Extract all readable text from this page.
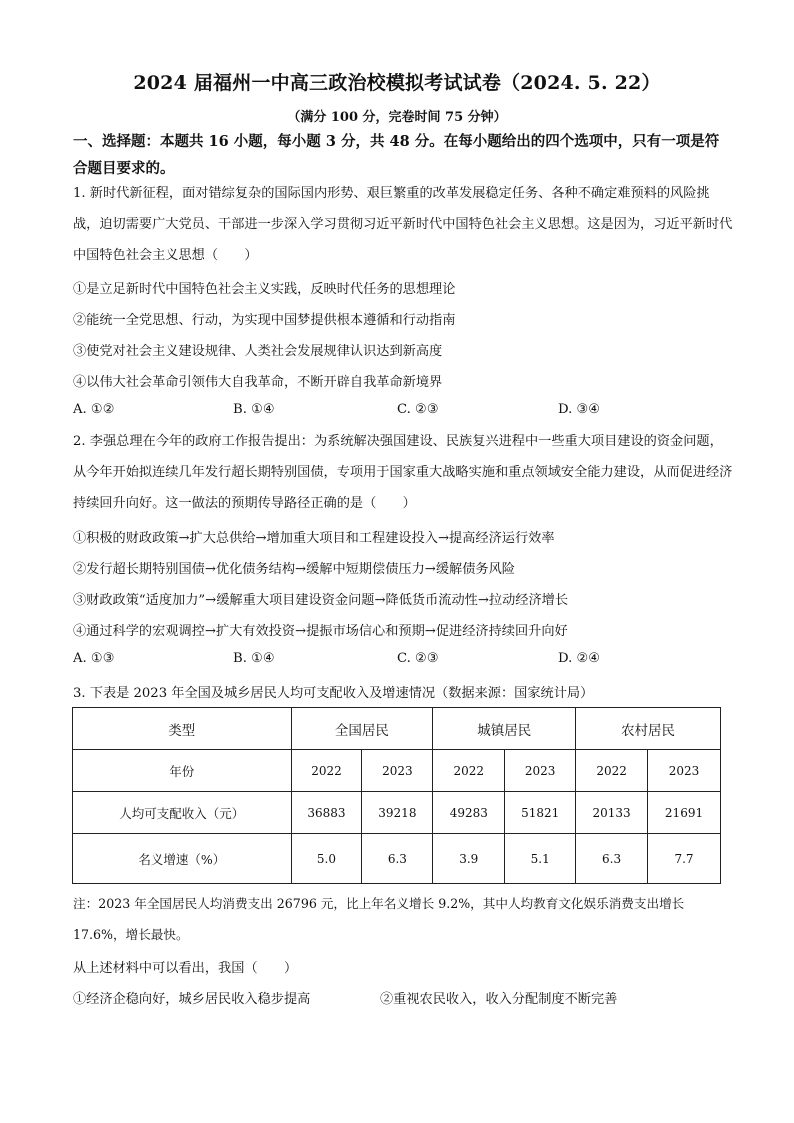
2024 届福州一中高三政治校模拟考试试卷（2024. 5. 22）
（满分 100 分，完卷时间 75 分钟）
一、选择题：本题共 16 小题，每小题 3 分，共 48 分。在每小题给出的四个选项中，只有一项是符合题目要求的。
1. 新时代新征程，面对错综复杂的国际国内形势、艰巨繁重的改革发展稳定任务、各种不确定难预料的风险挑战，迫切需要广大党员、干部进一步深入学习贯彻习近平新时代中国特色社会主义思想。这是因为，习近平新时代中国特色社会主义思想（　　）
①是立足新时代中国特色社会主义实践，反映时代任务的思想理论
②能统一全党思想、行动，为实现中国梦提供根本遵循和行动指南
③使党对社会主义建设规律、人类社会发展规律认识达到新高度
④以伟大社会革命引领伟大自我革命，不断开辟自我革命新境界
A. ①②	B. ①④	C. ②③	D. ③④
2. 李强总理在今年的政府工作报告提出：为系统解决强国建设、民族复兴进程中一些重大项目建设的资金问题，从今年开始拟连续几年发行超长期特别国债，专项用于国家重大战略实施和重点领域安全能力建设，从而促进经济持续回升向好。这一做法的预期传导路径正确的是（　　）
①积极的财政政策→扩大总供给→增加重大项目和工程建设投入→提高经济运行效率
②发行超长期特别国债→优化债务结构→缓解中短期偿债压力→缓解债务风险
③财政政策“适度加力”→缓解重大项目建设资金问题→降低货币流动性→拉动经济增长
④通过科学的宏观调控→扩大有效投资→提振市场信心和预期→促进经济持续回升向好
A. ①③	B. ①④	C. ②③	D. ②④
3. 下表是 2023 年全国及城乡居民人均可支配收入及增速情况（数据来源：国家统计局）
类型	全国居民		城镇居民		农村居民	
年份	2022	2023	2022	2023	2022	2023
人均可支配收入（元）	36883	39218	49283	51821	20133	21691
名义增速（%）	5.0	6.3	3.9	5.1	6.3	7.7
注：2023 年全国居民人均消费支出 26796 元，比上年名义增长 9.2%，其中人均教育文化娱乐消费支出增长 17.6%，增长最快。
从上述材料中可以看出，我国（　　）
①经济企稳向好，城乡居民收入稳步提高	②重视农民收入，收入分配制度不断完善
